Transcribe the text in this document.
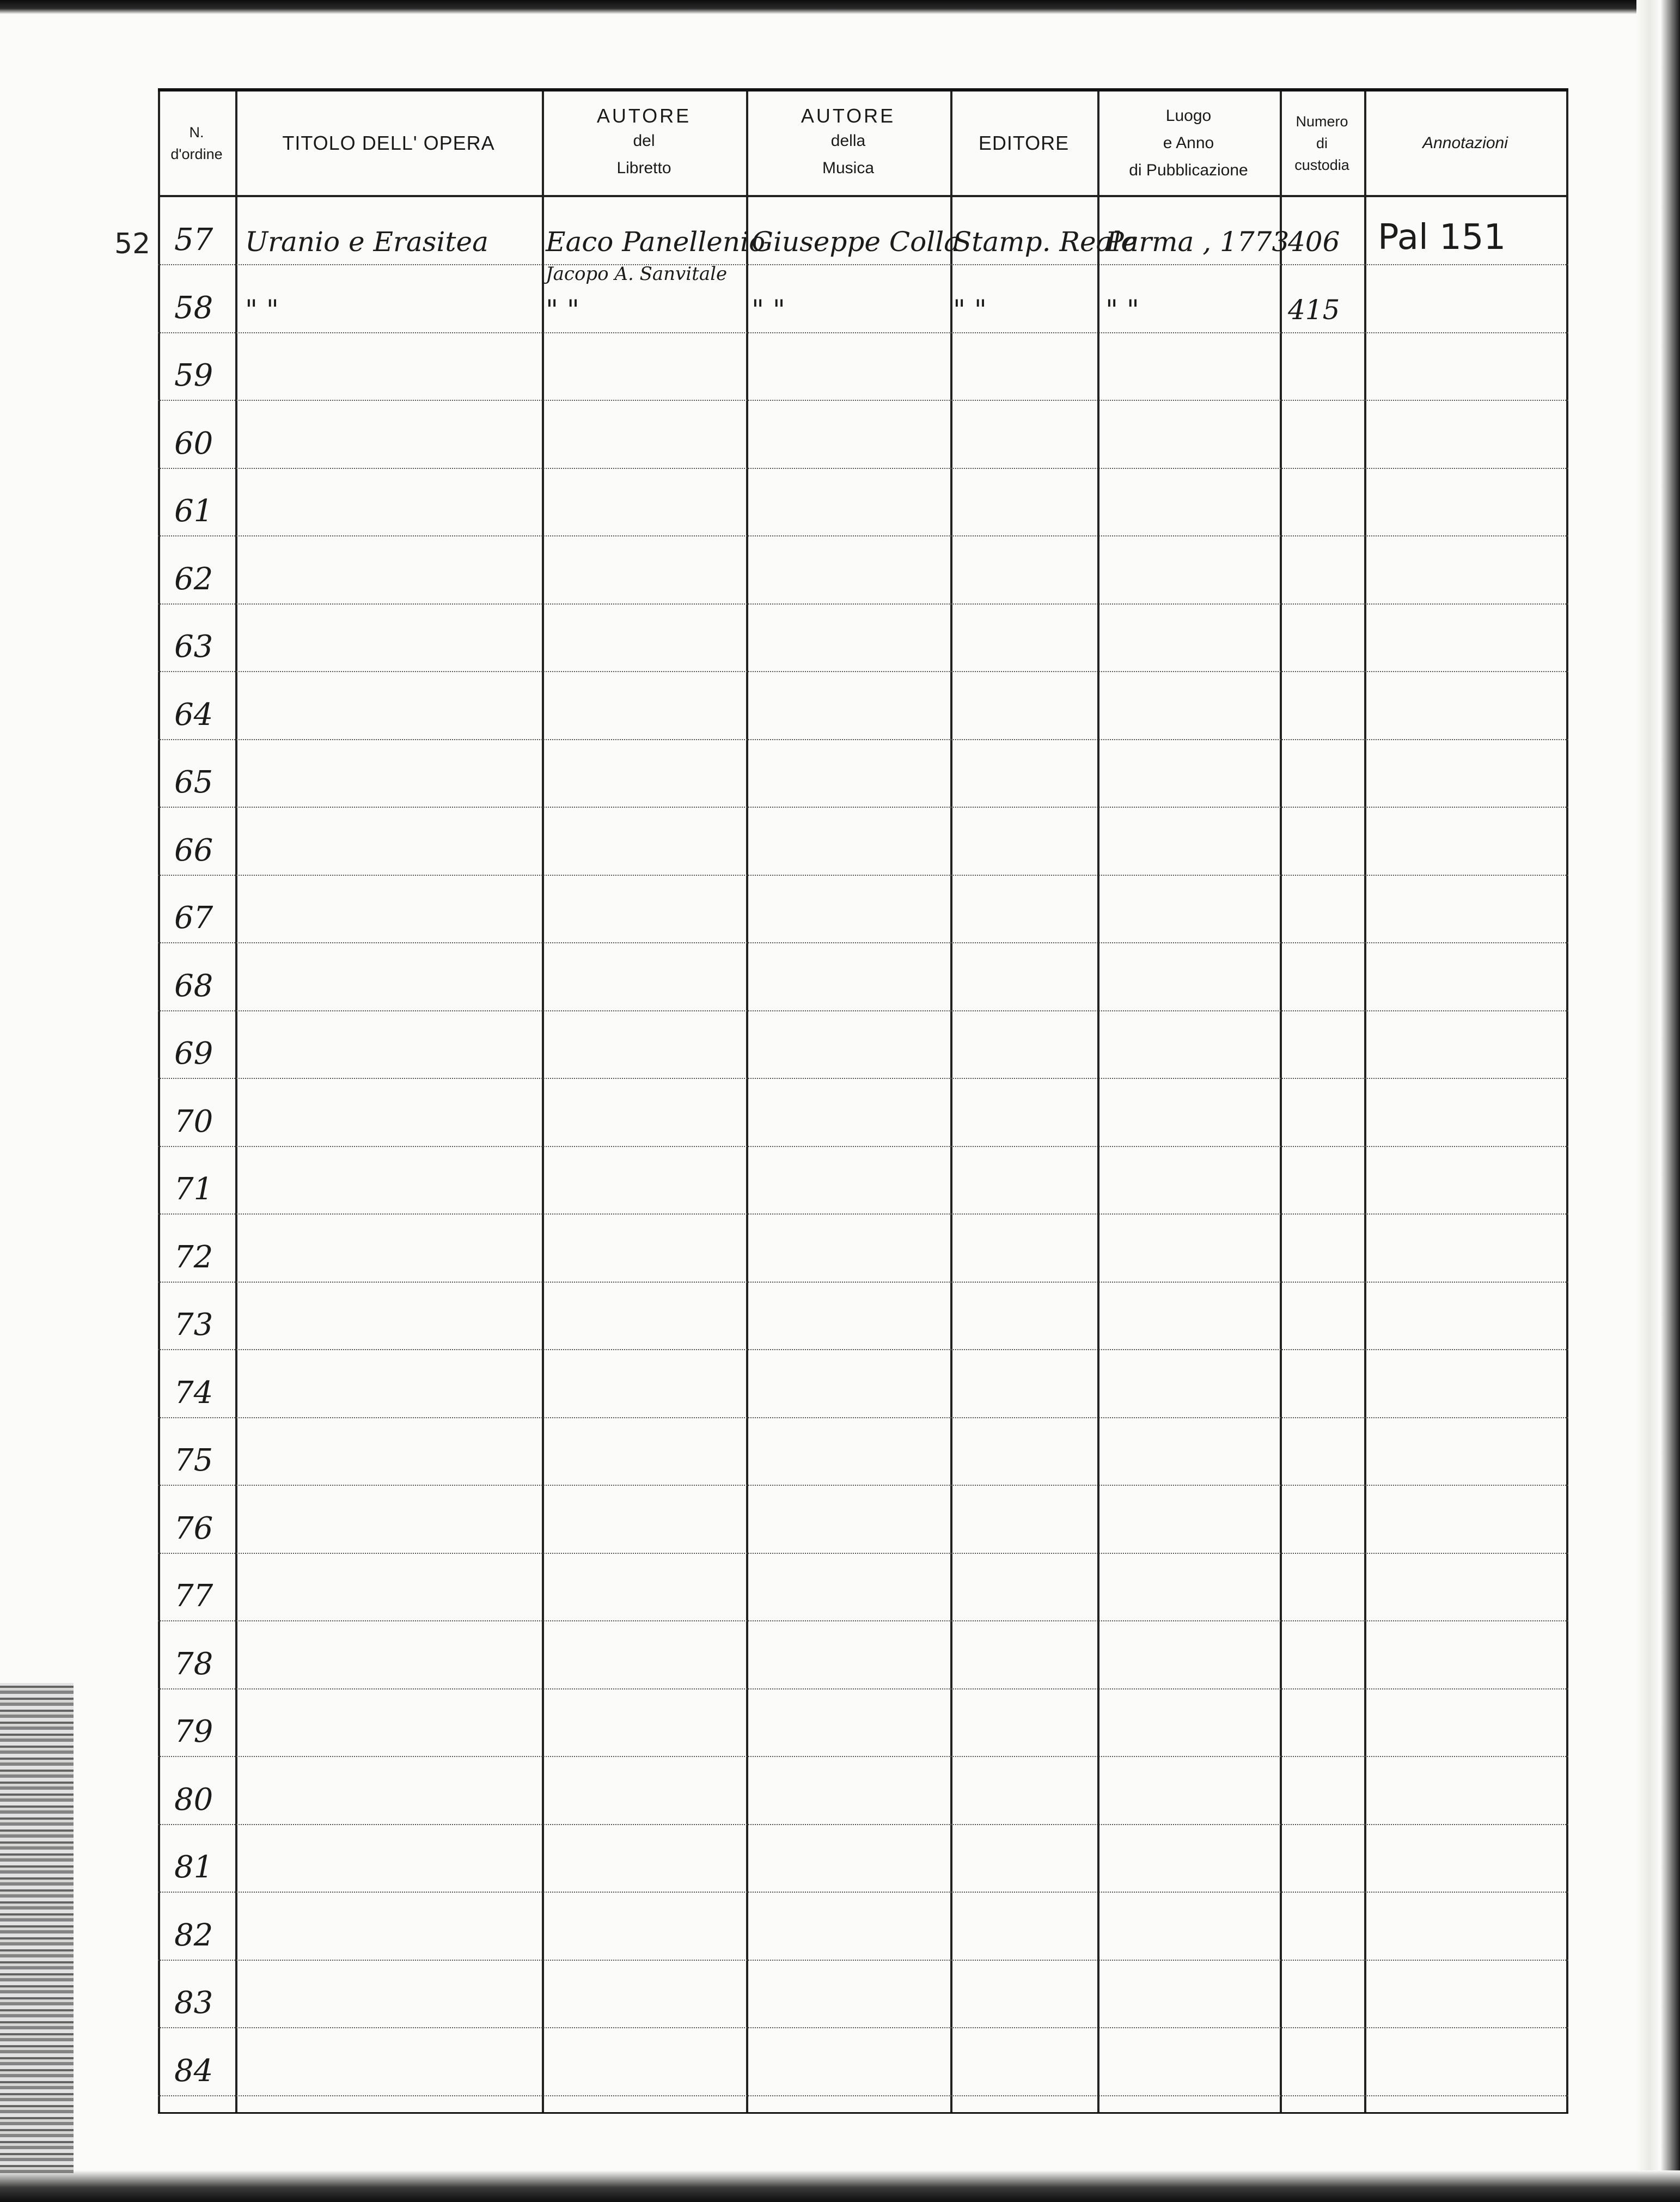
52
N.
d'ordine	TITOLO DELL' OPERA
AUTORE
del
Libretto
AUTORE
della
Musica
EDITORE
Luogo
e Anno
di Pubblicazione
Numero
di
custodia
Annotazioni
57 Uranio e Erasitea Eaco Panellenio
Giuseppe Colla
Stamp. Reale
Parma , 1773
406 Pal 151
Jacopo A. Sanvitale
58 " "	" "	" "	" "	" "	415
59
60
61
62
63
64
65
66
67
68
69
70
71
72
73
74
75
76
77
78
79
80
81
82
83
84
